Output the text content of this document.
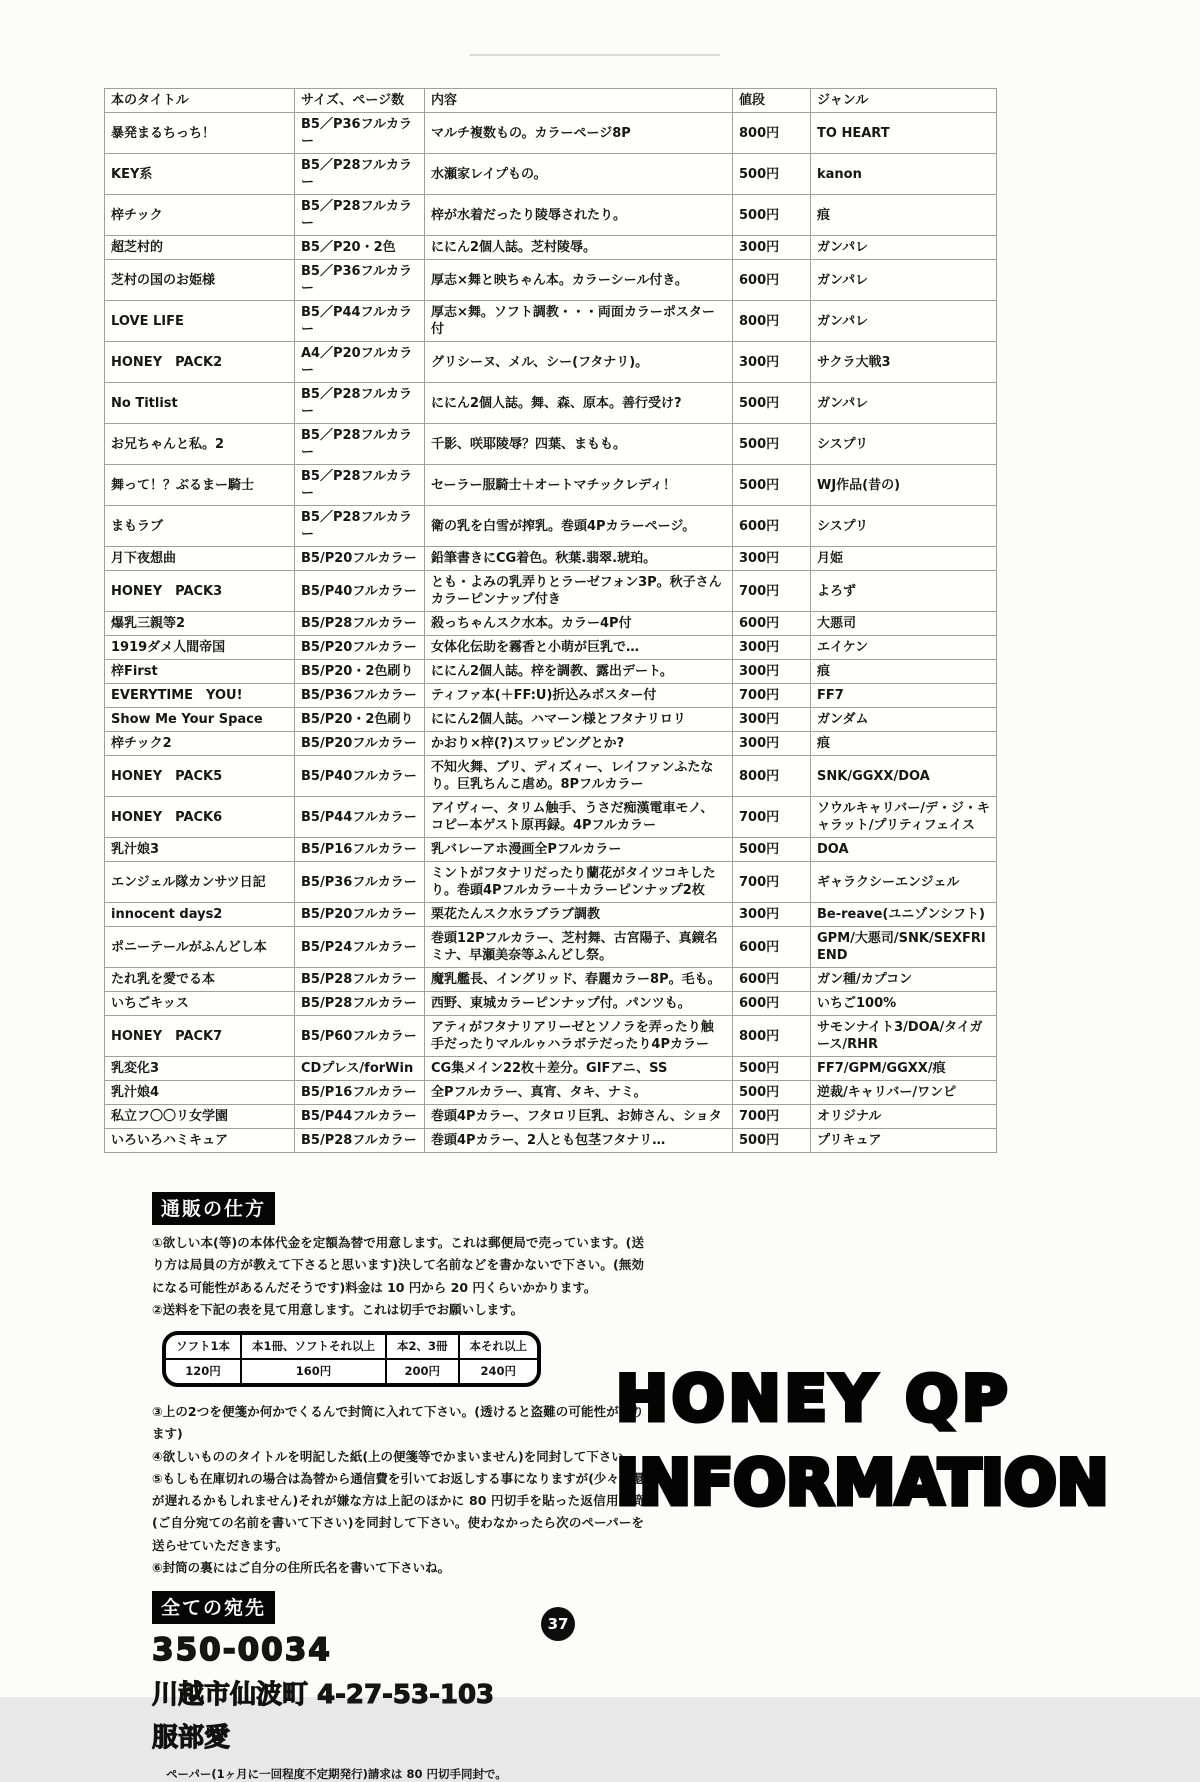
本のタイトル	サイズ、ページ数	内容	値段	ジャンル
暴発まるちっち！	B5／P36フルカラー	マルチ複数もの。カラーページ8P	800円	TO HEART
KEY系	B5／P28フルカラー	水瀬家レイプもの。	500円	kanon
梓チック	B5／P28フルカラー	梓が水着だったり陵辱されたり。	500円	痕
超芝村的	B5／P20・2色	ににん2個人誌。芝村陵辱。	300円	ガンパレ
芝村の国のお姫様	B5／P36フルカラー	厚志×舞と映ちゃん本。カラーシール付き。	600円	ガンパレ
LOVE LIFE	B5／P44フルカラー	厚志×舞。ソフト調教・・・両面カラーポスター付	800円	ガンパレ
HONEY　PACK2	A4／P20フルカラー	グリシーヌ、メル、シー(フタナリ)。	300円	サクラ大戦3
No Titlist	B5／P28フルカラー	ににん2個人誌。舞、森、原本。善行受け?	500円	ガンパレ
お兄ちゃんと私。2	B5／P28フルカラー	千影、咲耶陵辱？四葉、まもも。	500円	シスプリ
舞って！？ぶるまー騎士	B5／P28フルカラー	セーラー服騎士＋オートマチックレディ！	500円	WJ作品(昔の)
まもラブ	B5／P28フルカラー	衛の乳を白雪が搾乳。巻頭4Pカラーページ。	600円	シスプリ
月下夜想曲	B5/P20フルカラー	鉛筆書きにCG着色。秋葉.翡翠.琥珀。	300円	月姫
HONEY　PACK3	B5/P40フルカラー	とも・よみの乳弄りとラーゼフォン3P。秋子さんカラーピンナップ付き	700円	よろず
爆乳三親等2	B5/P28フルカラー	殺っちゃんスク水本。カラー4P付	600円	大悪司
1919ダメ人間帝国	B5/P20フルカラー	女体化伝助を霧香と小萌が巨乳で…	300円	エイケン
梓First	B5/P20・2色刷り	ににん2個人誌。梓を調教、露出デート。	300円	痕
EVERYTIME　YOU!	B5/P36フルカラー	ティファ本(＋FF:U)折込みポスター付	700円	FF7
Show Me Your Space	B5/P20・2色刷り	ににん2個人誌。ハマーン様とフタナリロリ	300円	ガンダム
梓チック2	B5/P20フルカラー	かおり×梓(?)スワッピングとか?	300円	痕
HONEY　PACK5	B5/P40フルカラー	不知火舞、ブリ、ディズィー、レイファンふたなり。巨乳ちんこ虐め。8Pフルカラー	800円	SNK/GGXX/DOA
HONEY　PACK6	B5/P44フルカラー	アイヴィー、タリム触手、うさだ痴漢電車モノ、コピー本ゲスト原再録。4Pフルカラー	700円	ソウルキャリバー/デ・ジ・キャラット/プリティフェイス
乳汁娘3	B5/P16フルカラー	乳バレーアホ漫画全Pフルカラー	500円	DOA
エンジェル隊カンサツ日記	B5/P36フルカラー	ミントがフタナリだったり蘭花がタイツコキしたり。巻頭4Pフルカラー＋カラーピンナップ2枚	700円	ギャラクシーエンジェル
innocent days2	B5/P20フルカラー	栗花たんスク水ラブラブ調教	300円	Be-reave(ユニゾンシフト)
ポニーテールがふんどし本	B5/P24フルカラー	巻頭12Pフルカラー、芝村舞、古宮陽子、真鏡名ミナ、早瀬美奈等ふんどし祭。	600円	GPM/大悪司/SNK/SEXFRIEND
たれ乳を愛でる本	B5/P28フルカラー	魔乳艦長、イングリッド、春麗カラー8P。毛も。	600円	ガン種/カプコン
いちごキッス	B5/P28フルカラー	西野、東城カラーピンナップ付。パンツも。	600円	いちご100%
HONEY　PACK7	B5/P60フルカラー	アティがフタナリアリーゼとソノラを弄ったり触手だったりマルルゥハラボテだったり4Pカラー	800円	サモンナイト3/DOA/タイガース/RHR
乳変化3	CDプレス/forWin	CG集メイン22枚＋差分。GIFアニ、SS	500円	FF7/GPM/GGXX/痕
乳汁娘4	B5/P16フルカラー	全Pフルカラー、真宵、タキ、ナミ。	500円	逆裁/キャリバー/ワンピ
私立フ〇〇リ女学園	B5/P44フルカラー	巻頭4Pカラー、フタロリ巨乳、お姉さん、ショタ	700円	オリジナル
いろいろハミキュア	B5/P28フルカラー	巻頭4Pカラー、2人とも包茎フタナリ…	500円	プリキュア
通販の仕方

①欲しい本(等)の本体代金を定額為替で用意します。これは郵便局で売っています。(送り方は局員の方が教えて下さると思います)決して名前などを書かないで下さい。(無効になる可能性があるんだそうです)料金は 10 円から 20 円くらいかかります。

②送料を下記の表を見て用意します。これは切手でお願いします。

ソフト1本	本1冊、ソフトそれ以上	本2、3冊	本それ以上
120円	160円	200円	240円

③上の2つを便箋か何かでくるんで封筒に入れて下さい。(透けると盗難の可能性があります)

④欲しいもののタイトルを明記した紙(上の便箋等でかまいません)を同封して下さい。

⑤もしも在庫切れの場合は為替から通信費を引いてお返しする事になりますが(少々返還が遅れるかもしれません)それが嫌な方は上記のほかに 80 円切手を貼った返信用封筒(ご自分宛ての名前を書いて下さい)を同封して下さい。使わなかったら次のペーパーを送らせていただきます。

⑥封筒の裏にはご自分の住所氏名を書いて下さいね。

全ての宛先
350-0034
川越市仙波町 4-27-53-103
服部愛
ペーパー(1ヶ月に一回程度不定期発行)請求は 80 円切手同封で。
HONEY QP
INFORMATION
37
